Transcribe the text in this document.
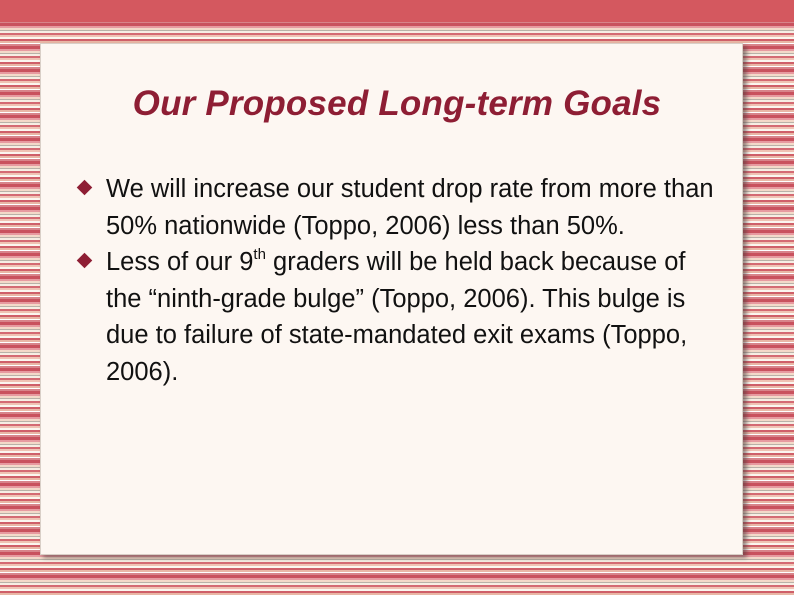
Our Proposed Long-term Goals
We will increase our student drop rate from more than 50% nationwide (Toppo, 2006) less than 50%.
Less of our 9th graders will be held back because of the “ninth-grade bulge” (Toppo, 2006). This bulge is due to failure of state-mandated exit exams (Toppo, 2006).
